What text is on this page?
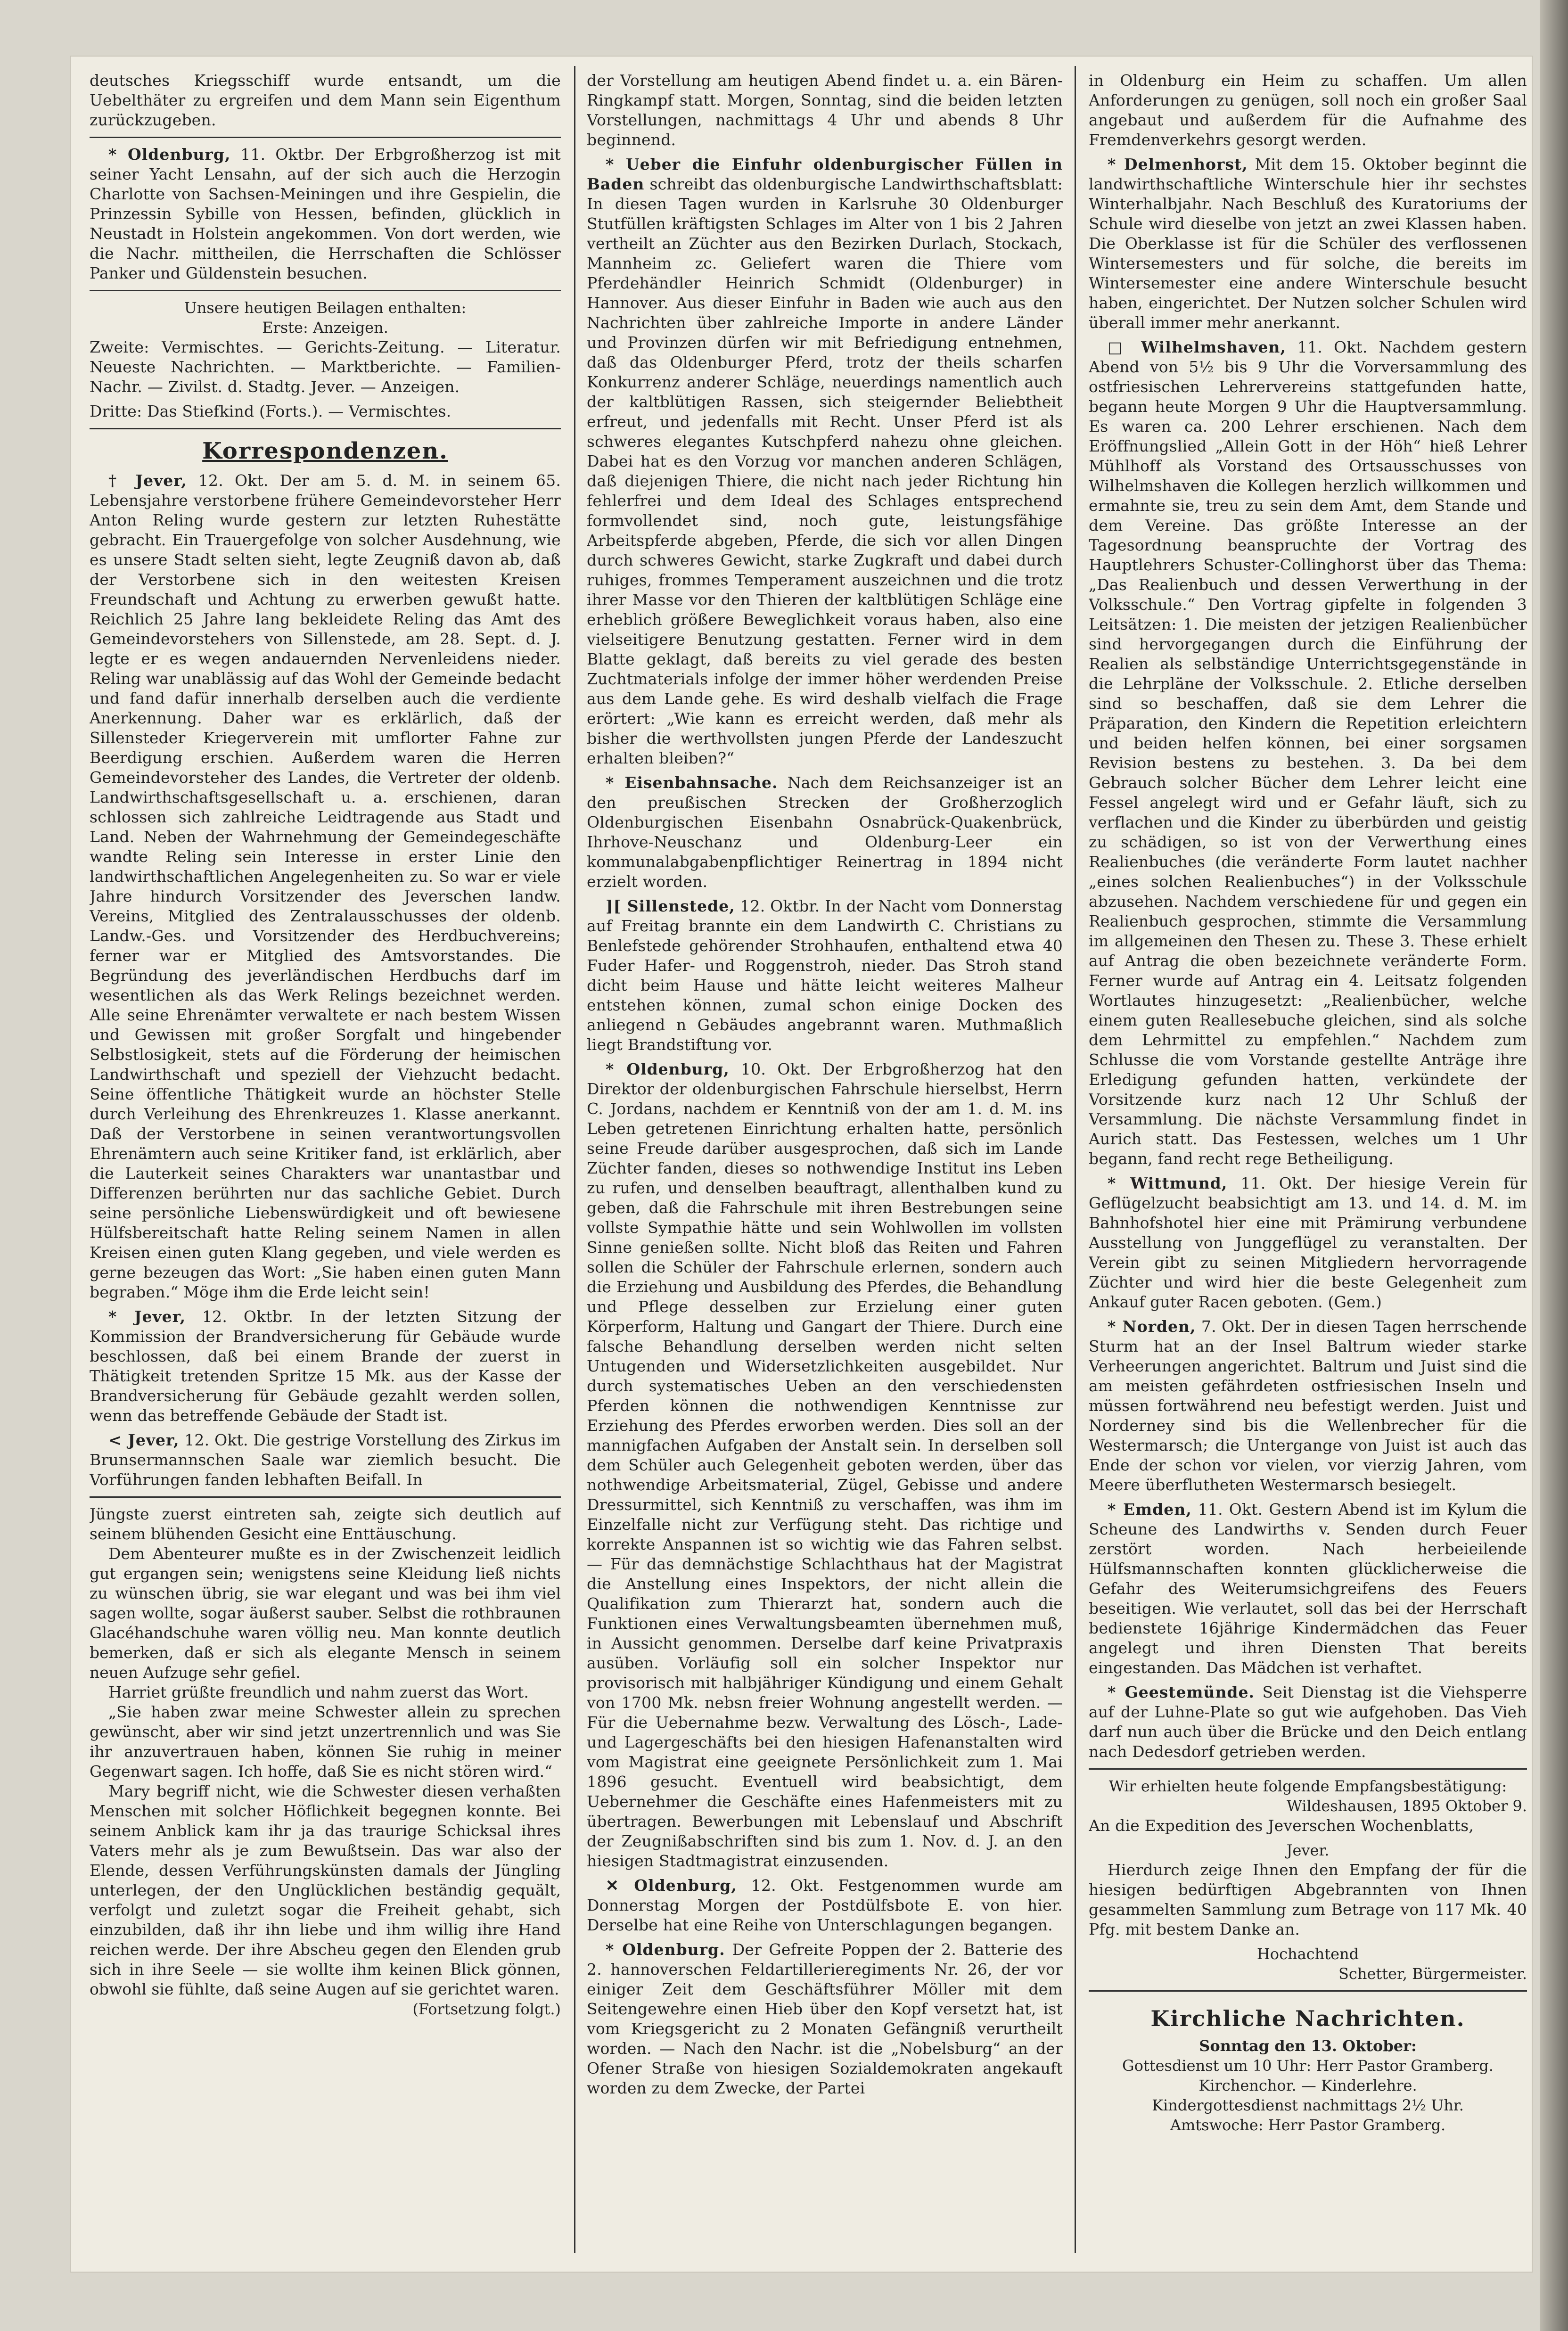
deutsches Kriegsschiff wurde entsandt, um die Uebelthäter zu ergreifen und dem Mann sein Eigenthum zurückzugeben.

* Oldenburg, 11. Oktbr. Der Erbgroßherzog ist mit seiner Yacht Lensahn, auf der sich auch die Herzogin Charlotte von Sachsen-Meiningen und ihre Gespielin, die Prinzessin Sybille von Hessen, befinden, glücklich in Neustadt in Holstein angekommen. Von dort werden, wie die Nachr. mittheilen, die Herrschaften die Schlösser Panker und Güldenstein besuchen.

Unsere heutigen Beilagen enthalten:

Erste: Anzeigen.

Zweite: Vermischtes. — Gerichts-Zeitung. — Literatur. Neueste Nachrichten. — Marktberichte. — Familien-Nachr. — Zivilst. d. Stadtg. Jever. — Anzeigen.

Dritte: Das Stiefkind (Forts.). — Vermischtes.

Korrespondenzen.

† Jever, 12. Okt. Der am 5. d. M. in seinem 65. Lebensjahre verstorbene frühere Gemeindevorsteher Herr Anton Reling wurde gestern zur letzten Ruhestätte gebracht. Ein Trauergefolge von solcher Ausdehnung, wie es unsere Stadt selten sieht, legte Zeugniß davon ab, daß der Verstorbene sich in den weitesten Kreisen Freundschaft und Achtung zu erwerben gewußt hatte. Reichlich 25 Jahre lang bekleidete Reling das Amt des Gemeindevorstehers von Sillenstede, am 28. Sept. d. J. legte er es wegen andauernden Nervenleidens nieder. Reling war unablässig auf das Wohl der Gemeinde bedacht und fand dafür innerhalb derselben auch die verdiente Anerkennung. Daher war es erklärlich, daß der Sillensteder Kriegerverein mit umflorter Fahne zur Beerdigung erschien. Außerdem waren die Herren Gemeindevorsteher des Landes, die Vertreter der oldenb. Landwirthschaftsgesellschaft u. a. erschienen, daran schlossen sich zahlreiche Leidtragende aus Stadt und Land. Neben der Wahrnehmung der Gemeindegeschäfte wandte Reling sein Interesse in erster Linie den landwirthschaftlichen Angelegenheiten zu. So war er viele Jahre hindurch Vorsitzender des Jeverschen landw. Vereins, Mitglied des Zentralausschusses der oldenb. Landw.-Ges. und Vorsitzender des Herdbuchvereins; ferner war er Mitglied des Amtsvorstandes. Die Begründung des jeverländischen Herdbuchs darf im wesentlichen als das Werk Relings bezeichnet werden. Alle seine Ehrenämter verwaltete er nach bestem Wissen und Gewissen mit großer Sorgfalt und hingebender Selbstlosigkeit, stets auf die Förderung der heimischen Landwirthschaft und speziell der Viehzucht bedacht. Seine öffentliche Thätigkeit wurde an höchster Stelle durch Verleihung des Ehrenkreuzes 1. Klasse anerkannt. Daß der Verstorbene in seinen verantwortungsvollen Ehrenämtern auch seine Kritiker fand, ist erklärlich, aber die Lauterkeit seines Charakters war unantastbar und Differenzen berührten nur das sachliche Gebiet. Durch seine persönliche Liebenswürdigkeit und oft bewiesene Hülfsbereitschaft hatte Reling seinem Namen in allen Kreisen einen guten Klang gegeben, und viele werden es gerne bezeugen das Wort: „Sie haben einen guten Mann begraben.“ Möge ihm die Erde leicht sein!

* Jever, 12. Oktbr. In der letzten Sitzung der Kommission der Brandversicherung für Gebäude wurde beschlossen, daß bei einem Brande der zuerst in Thätigkeit tretenden Spritze 15 Mk. aus der Kasse der Brandversicherung für Gebäude gezahlt werden sollen, wenn das betreffende Gebäude der Stadt ist.

< Jever, 12. Okt. Die gestrige Vorstellung des Zirkus im Brunsermannschen Saale war ziemlich besucht. Die Vorführungen fanden lebhaften Beifall. In

Jüngste zuerst eintreten sah, zeigte sich deutlich auf seinem blühenden Gesicht eine Enttäuschung.

Dem Abenteurer mußte es in der Zwischenzeit leidlich gut ergangen sein; wenigstens seine Kleidung ließ nichts zu wünschen übrig, sie war elegant und was bei ihm viel sagen wollte, sogar äußerst sauber. Selbst die rothbraunen Glacéhandschuhe waren völlig neu. Man konnte deutlich bemerken, daß er sich als elegante Mensch in seinem neuen Aufzuge sehr gefiel.

Harriet grüßte freundlich und nahm zuerst das Wort.

„Sie haben zwar meine Schwester allein zu sprechen gewünscht, aber wir sind jetzt unzertrennlich und was Sie ihr anzuvertrauen haben, können Sie ruhig in meiner Gegenwart sagen. Ich hoffe, daß Sie es nicht stören wird.“

Mary begriff nicht, wie die Schwester diesen verhaßten Menschen mit solcher Höflichkeit begegnen konnte. Bei seinem Anblick kam ihr ja das traurige Schicksal ihres Vaters mehr als je zum Bewußtsein. Das war also der Elende, dessen Verführungskünsten damals der Jüngling unterlegen, der den Unglücklichen beständig gequält, verfolgt und zuletzt sogar die Freiheit gehabt, sich einzubilden, daß ihr ihn liebe und ihm willig ihre Hand reichen werde. Der ihre Abscheu gegen den Elenden grub sich in ihre Seele — sie wollte ihm keinen Blick gönnen, obwohl sie fühlte, daß seine Augen auf sie gerichtet waren.

(Fortsetzung folgt.)

der Vorstellung am heutigen Abend findet u. a. ein Bären-Ringkampf statt. Morgen, Sonntag, sind die beiden letzten Vorstellungen, nachmittags 4 Uhr und abends 8 Uhr beginnend.

* Ueber die Einfuhr oldenburgischer Füllen in Baden schreibt das oldenburgische Landwirthschaftsblatt: In diesen Tagen wurden in Karlsruhe 30 Oldenburger Stutfüllen kräftigsten Schlages im Alter von 1 bis 2 Jahren vertheilt an Züchter aus den Bezirken Durlach, Stockach, Mannheim zc. Geliefert waren die Thiere vom Pferdehändler Heinrich Schmidt (Oldenburger) in Hannover. Aus dieser Einfuhr in Baden wie auch aus den Nachrichten über zahlreiche Importe in andere Länder und Provinzen dürfen wir mit Befriedigung entnehmen, daß das Oldenburger Pferd, trotz der theils scharfen Konkurrenz anderer Schläge, neuerdings namentlich auch der kaltblütigen Rassen, sich steigernder Beliebtheit erfreut, und jedenfalls mit Recht. Unser Pferd ist als schweres elegantes Kutschpferd nahezu ohne gleichen. Dabei hat es den Vorzug vor manchen anderen Schlägen, daß diejenigen Thiere, die nicht nach jeder Richtung hin fehlerfrei und dem Ideal des Schlages entsprechend formvollendet sind, noch gute, leistungsfähige Arbeitspferde abgeben, Pferde, die sich vor allen Dingen durch schweres Gewicht, starke Zugkraft und dabei durch ruhiges, frommes Temperament auszeichnen und die trotz ihrer Masse vor den Thieren der kaltblütigen Schläge eine erheblich größere Beweglichkeit voraus haben, also eine vielseitigere Benutzung gestatten. Ferner wird in dem Blatte geklagt, daß bereits zu viel gerade des besten Zuchtmaterials infolge der immer höher werdenden Preise aus dem Lande gehe. Es wird deshalb vielfach die Frage erörtert: „Wie kann es erreicht werden, daß mehr als bisher die werthvollsten jungen Pferde der Landeszucht erhalten bleiben?“

* Eisenbahnsache. Nach dem Reichsanzeiger ist an den preußischen Strecken der Großherzoglich Oldenburgischen Eisenbahn Osnabrück-Quakenbrück, Ihrhove-Neuschanz und Oldenburg-Leer ein kommunalabgabenpflichtiger Reinertrag in 1894 nicht erzielt worden.

][ Sillenstede, 12. Oktbr. In der Nacht vom Donnerstag auf Freitag brannte ein dem Landwirth C. Christians zu Benlefstede gehörender Strohhaufen, enthaltend etwa 40 Fuder Hafer- und Roggenstroh, nieder. Das Stroh stand dicht beim Hause und hätte leicht weiteres Malheur entstehen können, zumal schon einige Docken des anliegend n Gebäudes angebrannt waren. Muthmaßlich liegt Brandstiftung vor.

* Oldenburg, 10. Okt. Der Erbgroßherzog hat den Direktor der oldenburgischen Fahrschule hierselbst, Herrn C. Jordans, nachdem er Kenntniß von der am 1. d. M. ins Leben getretenen Einrichtung erhalten hatte, persönlich seine Freude darüber ausgesprochen, daß sich im Lande Züchter fanden, dieses so nothwendige Institut ins Leben zu rufen, und denselben beauftragt, allenthalben kund zu geben, daß die Fahrschule mit ihren Bestrebungen seine vollste Sympathie hätte und sein Wohlwollen im vollsten Sinne genießen sollte. Nicht bloß das Reiten und Fahren sollen die Schüler der Fahrschule erlernen, sondern auch die Erziehung und Ausbildung des Pferdes, die Behandlung und Pflege desselben zur Erzielung einer guten Körperform, Haltung und Gangart der Thiere. Durch eine falsche Behandlung derselben werden nicht selten Untugenden und Widersetzlichkeiten ausgebildet. Nur durch systematisches Ueben an den verschiedensten Pferden können die nothwendigen Kenntnisse zur Erziehung des Pferdes erworben werden. Dies soll an der mannigfachen Aufgaben der Anstalt sein. In derselben soll dem Schüler auch Gelegenheit geboten werden, über das nothwendige Arbeitsmaterial, Zügel, Gebisse und andere Dressurmittel, sich Kenntniß zu verschaffen, was ihm im Einzelfalle nicht zur Verfügung steht. Das richtige und korrekte Anspannen ist so wichtig wie das Fahren selbst. — Für das demnächstige Schlachthaus hat der Magistrat die Anstellung eines Inspektors, der nicht allein die Qualifikation zum Thierarzt hat, sondern auch die Funktionen eines Verwaltungsbeamten übernehmen muß, in Aussicht genommen. Derselbe darf keine Privatpraxis ausüben. Vorläufig soll ein solcher Inspektor nur provisorisch mit halbjähriger Kündigung und einem Gehalt von 1700 Mk. nebsn freier Wohnung angestellt werden. — Für die Uebernahme bezw. Verwaltung des Lösch-, Lade- und Lagergeschäfts bei den hiesigen Hafenanstalten wird vom Magistrat eine geeignete Persönlichkeit zum 1. Mai 1896 gesucht. Eventuell wird beabsichtigt, dem Uebernehmer die Geschäfte eines Hafenmeisters mit zu übertragen. Bewerbungen mit Lebenslauf und Abschrift der Zeugnißabschriften sind bis zum 1. Nov. d. J. an den hiesigen Stadtmagistrat einzusenden.

✕ Oldenburg, 12. Okt. Festgenommen wurde am Donnerstag Morgen der Postdülfsbote E. von hier. Derselbe hat eine Reihe von Unterschlagungen begangen.

* Oldenburg. Der Gefreite Poppen der 2. Batterie des 2. hannoverschen Feldartillerieregiments Nr. 26, der vor einiger Zeit dem Geschäftsführer Möller mit dem Seitengewehre einen Hieb über den Kopf versetzt hat, ist vom Kriegsgericht zu 2 Monaten Gefängniß verurtheilt worden. — Nach den Nachr. ist die „Nobelsburg“ an der Ofener Straße von hiesigen Sozialdemokraten angekauft worden zu dem Zwecke, der Partei

in Oldenburg ein Heim zu schaffen. Um allen Anforderungen zu genügen, soll noch ein großer Saal angebaut und außerdem für die Aufnahme des Fremdenverkehrs gesorgt werden.

* Delmenhorst, Mit dem 15. Oktober beginnt die landwirthschaftliche Winterschule hier ihr sechstes Winterhalbjahr. Nach Beschluß des Kuratoriums der Schule wird dieselbe von jetzt an zwei Klassen haben. Die Oberklasse ist für die Schüler des verflossenen Wintersemesters und für solche, die bereits im Wintersemester eine andere Winterschule besucht haben, eingerichtet. Der Nutzen solcher Schulen wird überall immer mehr anerkannt.

□ Wilhelmshaven, 11. Okt. Nachdem gestern Abend von 5½ bis 9 Uhr die Vorversammlung des ostfriesischen Lehrervereins stattgefunden hatte, begann heute Morgen 9 Uhr die Hauptversammlung. Es waren ca. 200 Lehrer erschienen. Nach dem Eröffnungslied „Allein Gott in der Höh“ hieß Lehrer Mühlhoff als Vorstand des Ortsausschusses von Wilhelmshaven die Kollegen herzlich willkommen und ermahnte sie, treu zu sein dem Amt, dem Stande und dem Vereine. Das größte Interesse an der Tagesordnung beanspruchte der Vortrag des Hauptlehrers Schuster-Collinghorst über das Thema: „Das Realienbuch und dessen Verwerthung in der Volksschule.“ Den Vortrag gipfelte in folgenden 3 Leitsätzen: 1. Die meisten der jetzigen Realienbücher sind hervorgegangen durch die Einführung der Realien als selbständige Unterrichtsgegenstände in die Lehrpläne der Volksschule. 2. Etliche derselben sind so beschaffen, daß sie dem Lehrer die Präparation, den Kindern die Repetition erleichtern und beiden helfen können, bei einer sorgsamen Revision bestens zu bestehen. 3. Da bei dem Gebrauch solcher Bücher dem Lehrer leicht eine Fessel angelegt wird und er Gefahr läuft, sich zu verflachen und die Kinder zu überbürden und geistig zu schädigen, so ist von der Verwerthung eines Realienbuches (die veränderte Form lautet nachher „eines solchen Realienbuches“) in der Volksschule abzusehen. Nachdem verschiedene für und gegen ein Realienbuch gesprochen, stimmte die Versammlung im allgemeinen den Thesen zu. These 3. These erhielt auf Antrag die oben bezeichnete veränderte Form. Ferner wurde auf Antrag ein 4. Leitsatz folgenden Wortlautes hinzugesetzt: „Realienbücher, welche einem guten Reallesebuche gleichen, sind als solche dem Lehrmittel zu empfehlen.“ Nachdem zum Schlusse die vom Vorstande gestellte Anträge ihre Erledigung gefunden hatten, verkündete der Vorsitzende kurz nach 12 Uhr Schluß der Versammlung. Die nächste Versammlung findet in Aurich statt. Das Festessen, welches um 1 Uhr begann, fand recht rege Betheiligung.

* Wittmund, 11. Okt. Der hiesige Verein für Geflügelzucht beabsichtigt am 13. und 14. d. M. im Bahnhofshotel hier eine mit Prämirung verbundene Ausstellung von Junggeflügel zu veranstalten. Der Verein gibt zu seinen Mitgliedern hervorragende Züchter und wird hier die beste Gelegenheit zum Ankauf guter Racen geboten. (Gem.)

* Norden, 7. Okt. Der in diesen Tagen herrschende Sturm hat an der Insel Baltrum wieder starke Verheerungen angerichtet. Baltrum und Juist sind die am meisten gefährdeten ostfriesischen Inseln und müssen fortwährend neu befestigt werden. Juist und Norderney sind bis die Wellenbrecher für die Westermarsch; die Untergange von Juist ist auch das Ende der schon vor vielen, vor vierzig Jahren, vom Meere überflutheten Westermarsch besiegelt.

* Emden, 11. Okt. Gestern Abend ist im Kylum die Scheune des Landwirths v. Senden durch Feuer zerstört worden. Nach herbeieilende Hülfsmannschaften konnten glücklicherweise die Gefahr des Weiterumsichgreifens des Feuers beseitigen. Wie verlautet, soll das bei der Herrschaft bedienstete 16jährige Kindermädchen das Feuer angelegt und ihren Diensten That bereits eingestanden. Das Mädchen ist verhaftet.

* Geestemünde. Seit Dienstag ist die Viehsperre auf der Luhne-Plate so gut wie aufgehoben. Das Vieh darf nun auch über die Brücke und den Deich entlang nach Dedesdorf getrieben werden.

Wir erhielten heute folgende Empfangsbestätigung:

Wildeshausen, 1895 Oktober 9.

An die Expedition des Jeverschen Wochenblatts,

Jever.

Hierdurch zeige Ihnen den Empfang der für die hiesigen bedürftigen Abgebrannten von Ihnen gesammelten Sammlung zum Betrage von 117 Mk. 40 Pfg. mit bestem Danke an.

Hochachtend

Schetter, Bürgermeister.

Kirchliche Nachrichten.

Sonntag den 13. Oktober:

Gottesdienst um 10 Uhr: Herr Pastor Gramberg.

Kirchenchor. — Kinderlehre.

Kindergottesdienst nachmittags 2½ Uhr.

Amtswoche: Herr Pastor Gramberg.
